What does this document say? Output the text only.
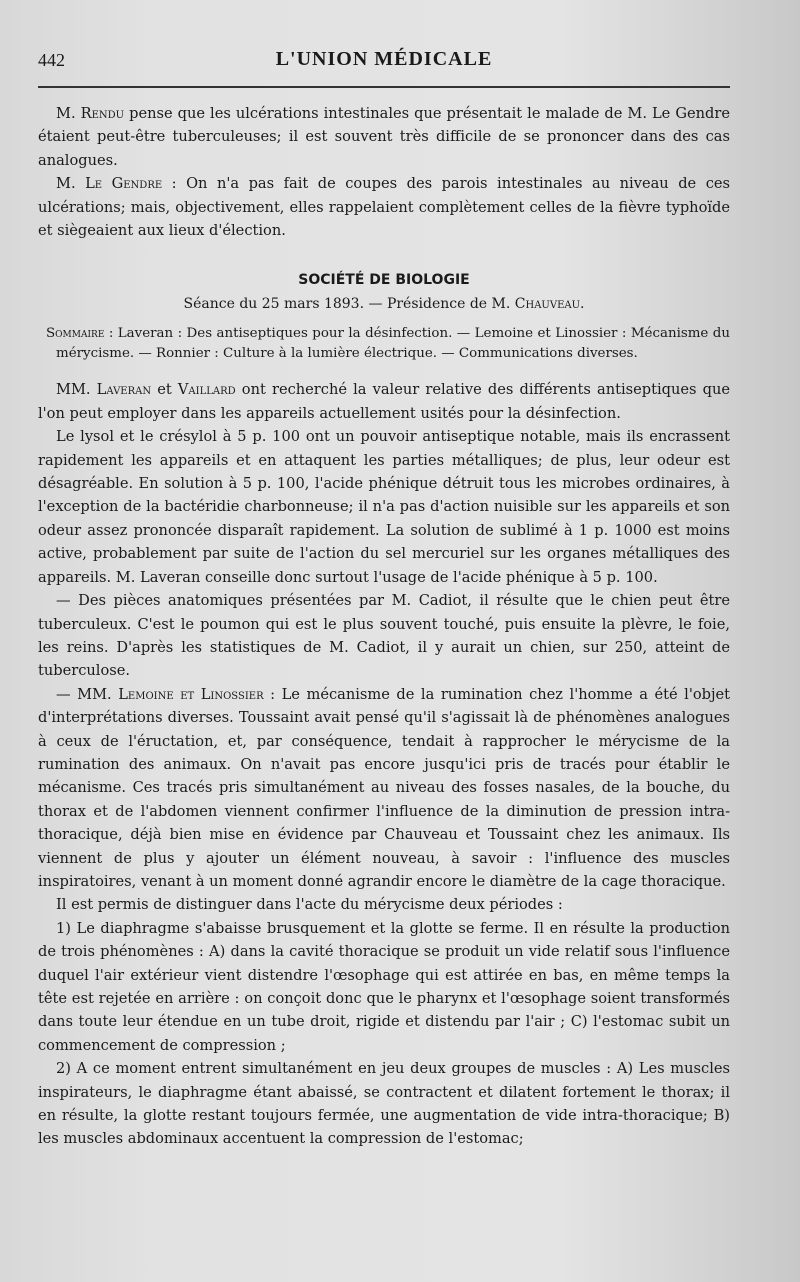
442	L'UNION MÉDICALE

M. Rendu pense que les ulcérations intestinales que présentait le malade de M. Le Gendre étaient peut-être tuberculeuses; il est souvent très difficile de se prononcer dans des cas analogues.

M. Le Gendre : On n'a pas fait de coupes des parois intestinales au niveau de ces ulcérations; mais, objectivement, elles rappelaient complètement celles de la fièvre typhoïde et siègeaient aux lieux d'élection.

SOCIÉTÉ DE BIOLOGIE
Séance du 25 mars 1893. — Présidence de M. Chauveau.

Sommaire : Laveran : Des antiseptiques pour la désinfection. — Lemoine et Linossier : Mécanisme du mérycisme. — Ronnier : Culture à la lumière électrique. — Communications diverses.

MM. Laveran et Vaillard ont recherché la valeur relative des différents antiseptiques que l'on peut employer dans les appareils actuellement usités pour la désinfection.

Le lysol et le crésylol à 5 p. 100 ont un pouvoir antiseptique notable, mais ils encrassent rapidement les appareils et en attaquent les parties métalliques; de plus, leur odeur est désagréable. En solution à 5 p. 100, l'acide phénique détruit tous les microbes ordinaires, à l'exception de la bactéridie charbonneuse; il n'a pas d'action nuisible sur les appareils et son odeur assez prononcée disparaît rapidement. La solution de sublimé à 1 p. 1000 est moins active, probablement par suite de l'action du sel mercuriel sur les organes métalliques des appareils. M. Laveran conseille donc surtout l'usage de l'acide phénique à 5 p. 100.

— Des pièces anatomiques présentées par M. Cadiot, il résulte que le chien peut être tuberculeux. C'est le poumon qui est le plus souvent touché, puis ensuite la plèvre, le foie, les reins. D'après les statistiques de M. Cadiot, il y aurait un chien, sur 250, atteint de tuberculose.

— MM. Lemoine et Linossier : Le mécanisme de la rumination chez l'homme a été l'objet d'interprétations diverses. Toussaint avait pensé qu'il s'agissait là de phénomènes analogues à ceux de l'éructation, et, par conséquence, tendait à rapprocher le mérycisme de la rumination des animaux. On n'avait pas encore jusqu'ici pris de tracés pour établir le mécanisme. Ces tracés pris simultanément au niveau des fosses nasales, de la bouche, du thorax et de l'abdomen viennent confirmer l'influence de la diminution de pression intra-thoracique, déjà bien mise en évidence par Chauveau et Toussaint chez les animaux. Ils viennent de plus y ajouter un élément nouveau, à savoir : l'influence des muscles inspiratoires, venant à un moment donné agrandir encore le diamètre de la cage thoracique.

Il est permis de distinguer dans l'acte du mérycisme deux périodes :

1) Le diaphragme s'abaisse brusquement et la glotte se ferme. Il en résulte la production de trois phénomènes : A) dans la cavité thoracique se produit un vide relatif sous l'influence duquel l'air extérieur vient distendre l'œsophage qui est attirée en bas, en même temps la tête est rejetée en arrière : on conçoit donc que le pharynx et l'œsophage soient transformés dans toute leur étendue en un tube droit, rigide et distendu par l'air ; C) l'estomac subit un commencement de compression ;

2) A ce moment entrent simultanément en jeu deux groupes de muscles : A) Les muscles inspirateurs, le diaphragme étant abaissé, se contractent et dilatent fortement le thorax; il en résulte, la glotte restant toujours fermée, une augmentation de vide intra-thoracique; B) les muscles abdominaux accentuent la compression de l'estomac;
